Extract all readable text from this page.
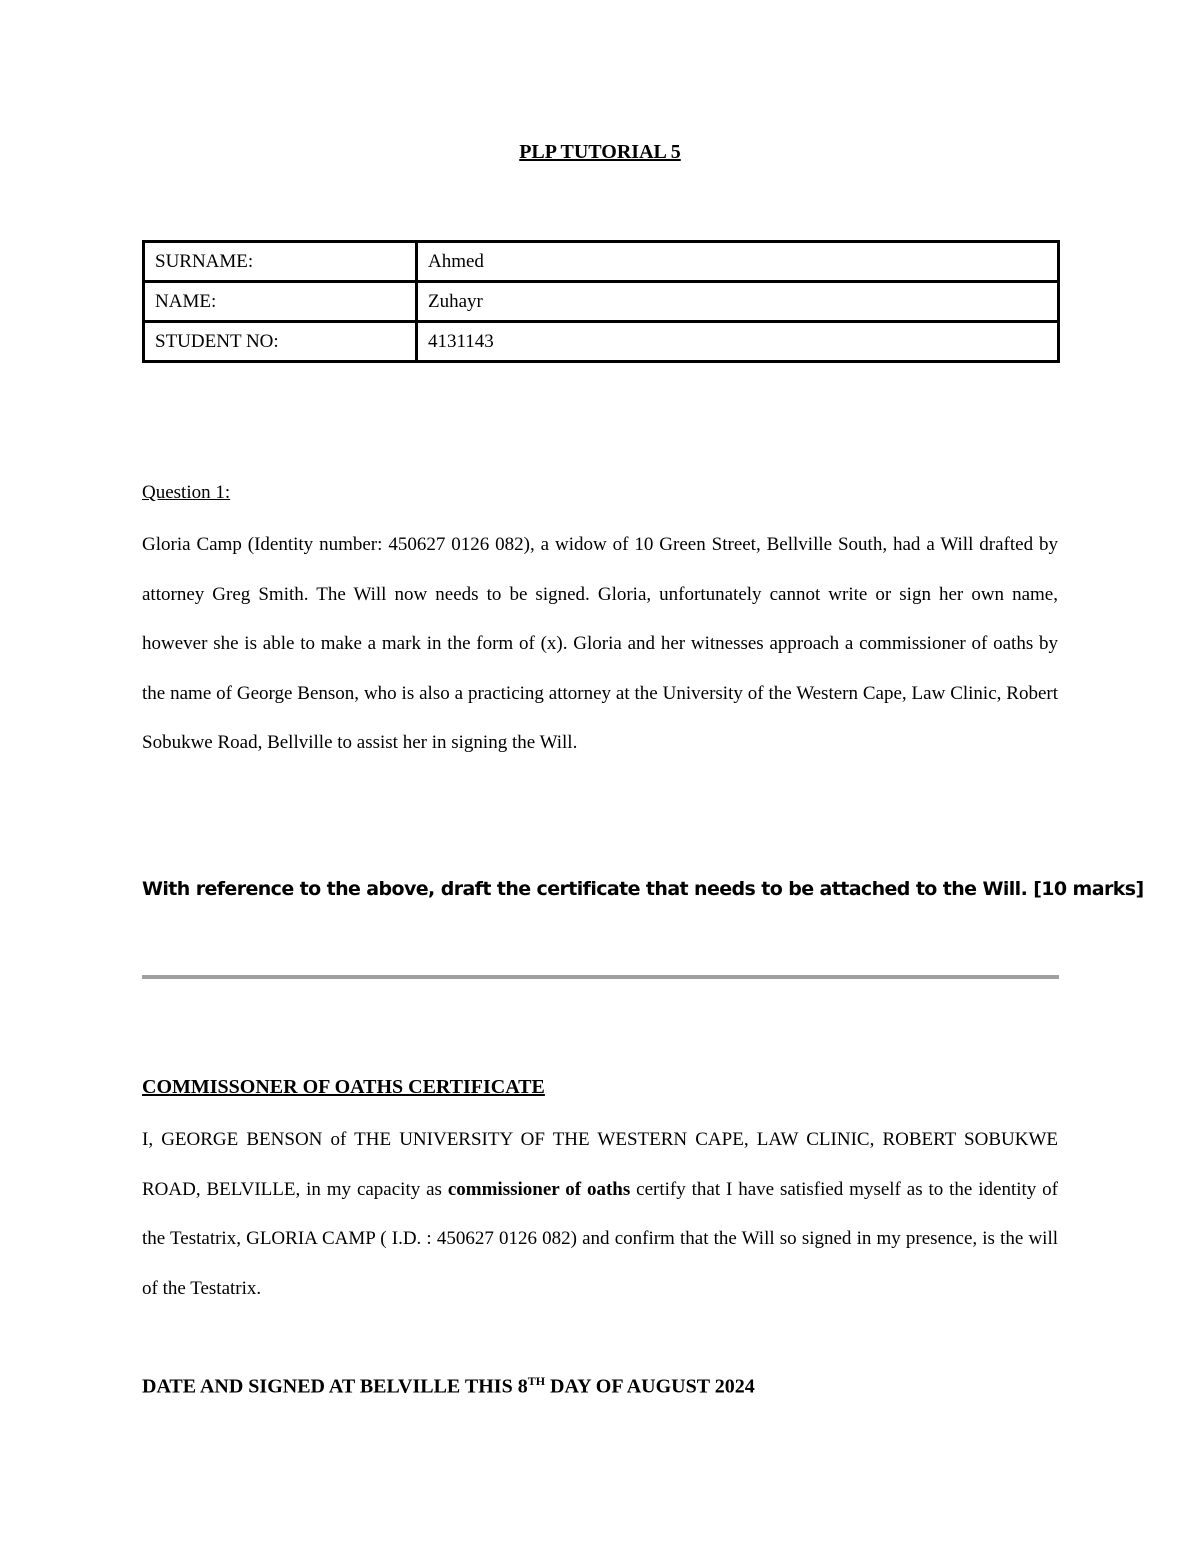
PLP TUTORIAL 5
SURNAME:	Ahmed
NAME:	Zuhayr
STUDENT NO:	4131143
Question 1:

Gloria Camp (Identity number: 450627 0126 082), a widow of 10 Green Street, Bellville South, had a Will drafted by attorney Greg Smith. The Will now needs to be signed. Gloria, unfortunately cannot write or sign her own name, however she is able to make a mark in the form of (x). Gloria and her witnesses approach a commissioner of oaths by the name of George Benson, who is also a practicing attorney at the University of the Western Cape, Law Clinic, Robert Sobukwe Road, Bellville to assist her in signing the Will.

With reference to the above, draft the certificate that needs to be attached to the Will. [10 marks]
COMMISSONER OF OATHS CERTIFICATE

I, GEORGE BENSON of THE UNIVERSITY OF THE WESTERN CAPE, LAW CLINIC, ROBERT SOBUKWE ROAD, BELVILLE, in my capacity as commissioner of oaths certify that I have satisfied myself as to the identity of the Testatrix, GLORIA CAMP ( I.D. : 450627 0126 082) and confirm that the Will so signed in my presence, is the will of the Testatrix.

DATE AND SIGNED AT BELVILLE THIS 8TH DAY OF AUGUST 2024
